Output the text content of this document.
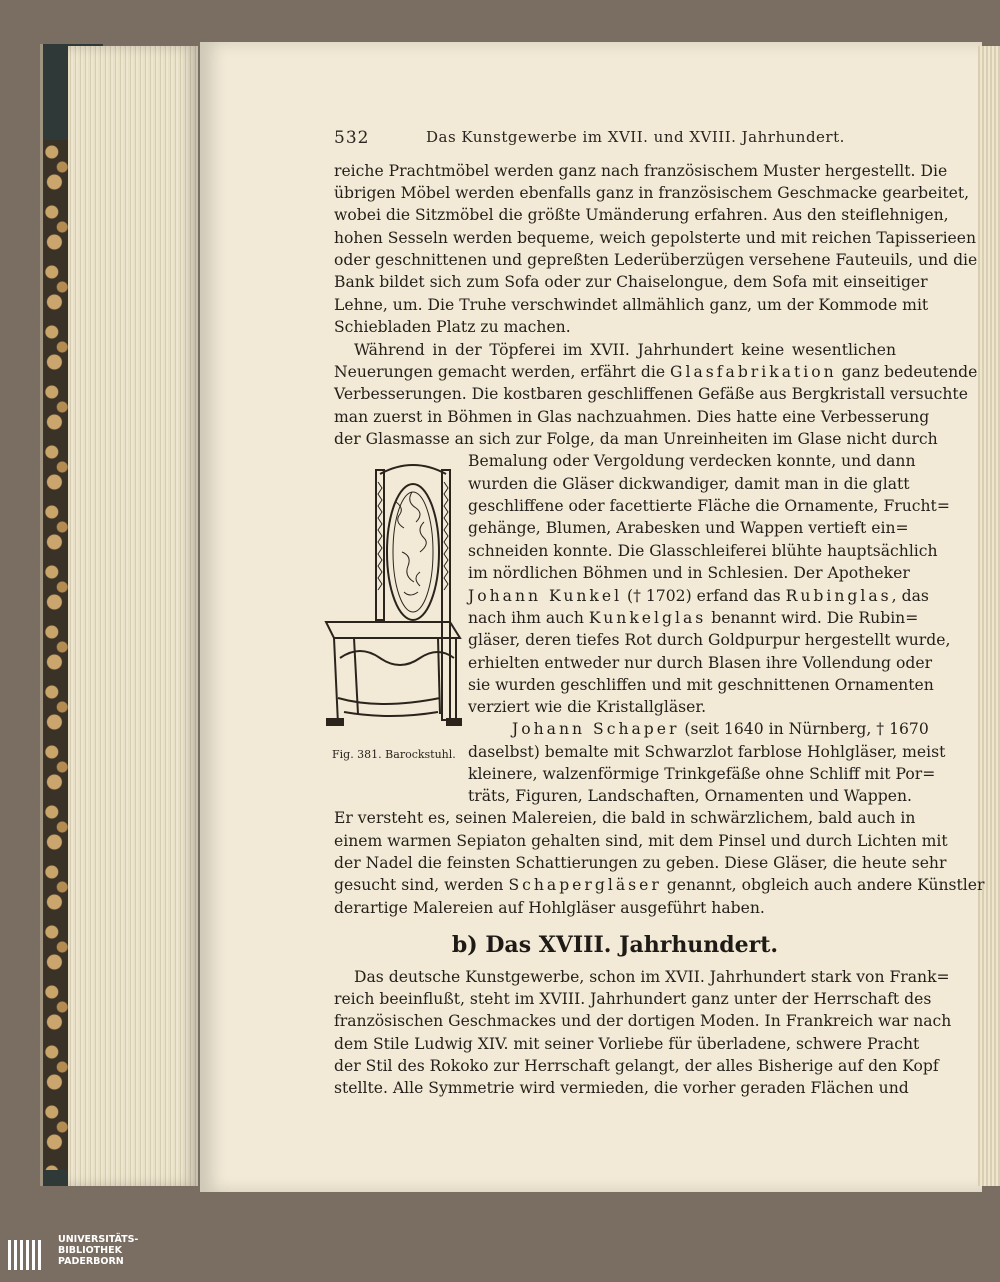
532	Das Kunstgewerbe im XVII. und XVIII. Jahrhundert.
reiche Prachtmöbel werden ganz nach französischem Muster hergestellt. Die
übrigen Möbel werden ebenfalls ganz in französischem Geschmacke gearbeitet,
wobei die Sitzmöbel die größte Umänderung erfahren. Aus den steiflehnigen,
hohen Sesseln werden bequeme, weich gepolsterte und mit reichen Tapisserieen
oder geschnittenen und gepreßten Lederüberzügen versehene Fauteuils, und die
Bank bildet sich zum Sofa oder zur Chaiselongue, dem Sofa mit einseitiger
Lehne, um. Die Truhe verschwindet allmählich ganz, um der Kommode mit
Schiebladen Platz zu machen.
Während in der Töpferei im XVII. Jahrhundert keine wesentlichen
Neuerungen gemacht werden, erfährt die Glasfabrikation ganz bedeutende
Verbesserungen. Die kostbaren geschliffenen Gefäße aus Bergkristall versuchte
man zuerst in Böhmen in Glas nachzuahmen. Dies hatte eine Verbesserung
der Glasmasse an sich zur Folge, da man Unreinheiten im Glase nicht durch
Bemalung oder Vergoldung verdecken konnte, und dann
wurden die Gläser dickwandiger, damit man in die glatt
geschliffene oder facettierte Fläche die Ornamente, Frucht=
gehänge, Blumen, Arabesken und Wappen vertieft ein=
schneiden konnte. Die Glasschleiferei blühte hauptsächlich
im nördlichen Böhmen und in Schlesien. Der Apotheker
Johann Kunkel († 1702) erfand das Rubinglas, das
nach ihm auch Kunkelglas benannt wird. Die Rubin=
gläser, deren tiefes Rot durch Goldpurpur hergestellt wurde,
erhielten entweder nur durch Blasen ihre Vollendung oder
sie wurden geschliffen und mit geschnittenen Ornamenten
verziert wie die Kristallgläser.
Johann Schaper (seit 1640 in Nürnberg, † 1670
daselbst) bemalte mit Schwarzlot farblose Hohlgläser, meist
kleinere, walzenförmige Trinkgefäße ohne Schliff mit Por=
träts, Figuren, Landschaften, Ornamenten und Wappen.
Er versteht es, seinen Malereien, die bald in schwärzlichem, bald auch in
einem warmen Sepiaton gehalten sind, mit dem Pinsel und durch Lichten mit
der Nadel die feinsten Schattierungen zu geben. Diese Gläser, die heute sehr
gesucht sind, werden Schapergläser genannt, obgleich auch andere Künstler
derartige Malereien auf Hohlgläser ausgeführt haben.
b) Das XVIII. Jahrhundert.
Das deutsche Kunstgewerbe, schon im XVII. Jahrhundert stark von Frank=
reich beeinflußt, steht im XVIII. Jahrhundert ganz unter der Herrschaft des
französischen Geschmackes und der dortigen Moden. In Frankreich war nach
dem Stile Ludwig XIV. mit seiner Vorliebe für überladene, schwere Pracht
der Stil des Rokoko zur Herrschaft gelangt, der alles Bisherige auf den Kopf
stellte. Alle Symmetrie wird vermieden, die vorher geraden Flächen und
Fig. 381. Barockstuhl.
UNIVERSITÄTS-
BIBLIOTHEK
PADERBORN
